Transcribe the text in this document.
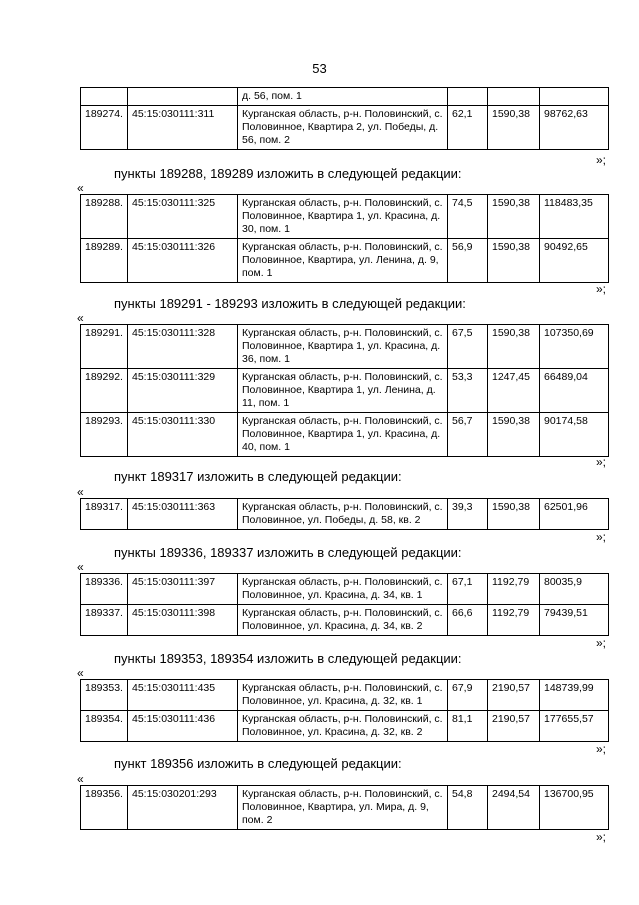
53
		д. 56, пом. 1			
189274.	45:15:030111:311	Курганская область, р-н. Половинский, с. Половинное, Квартира 2, ул. Победы, д. 56, пом. 2	62,1	1590,38	98762,63
»;
пункты 189288, 189289 изложить в следующей редакции:
«
189288.	45:15:030111:325	Курганская область, р-н. Половинский, с. Половинное, Квартира 1, ул. Красина, д. 30, пом. 1	74,5	1590,38	118483,35
189289.	45:15:030111:326	Курганская область, р-н. Половинский, с. Половинное, Квартира, ул. Ленина, д. 9, пом. 1	56,9	1590,38	90492,65
»;
пункты 189291 - 189293 изложить в следующей редакции:
«
189291.	45:15:030111:328	Курганская область, р-н. Половинский, с. Половинное, Квартира 1, ул. Красина, д. 36, пом. 1	67,5	1590,38	107350,69
189292.	45:15:030111:329	Курганская область, р-н. Половинский, с. Половинное, Квартира 1, ул. Ленина, д. 11, пом. 1	53,3	1247,45	66489,04
189293.	45:15:030111:330	Курганская область, р-н. Половинский, с. Половинное, Квартира 1, ул. Красина, д. 40, пом. 1	56,7	1590,38	90174,58
»;
пункт 189317 изложить в следующей редакции:
«
189317.	45:15:030111:363	Курганская область, р-н. Половинский, с. Половинное, ул. Победы, д. 58, кв. 2	39,3	1590,38	62501,96
»;
пункты 189336, 189337 изложить в следующей редакции:
«
189336.	45:15:030111:397	Курганская область, р-н. Половинский, с. Половинное, ул. Красина, д. 34, кв. 1	67,1	1192,79	80035,9
189337.	45:15:030111:398	Курганская область, р-н. Половинский, с. Половинное, ул. Красина, д. 34, кв. 2	66,6	1192,79	79439,51
»;
пункты 189353, 189354 изложить в следующей редакции:
«
189353.	45:15:030111:435	Курганская область, р-н. Половинский, с. Половинное, ул. Красина, д. 32, кв. 1	67,9	2190,57	148739,99
189354.	45:15:030111:436	Курганская область, р-н. Половинский, с. Половинное, ул. Красина, д. 32, кв. 2	81,1	2190,57	177655,57
»;
пункт 189356 изложить в следующей редакции:
«
189356.	45:15:030201:293	Курганская область, р-н. Половинский, с. Половинное, Квартира, ул. Мира, д. 9, пом. 2	54,8	2494,54	136700,95
»;
